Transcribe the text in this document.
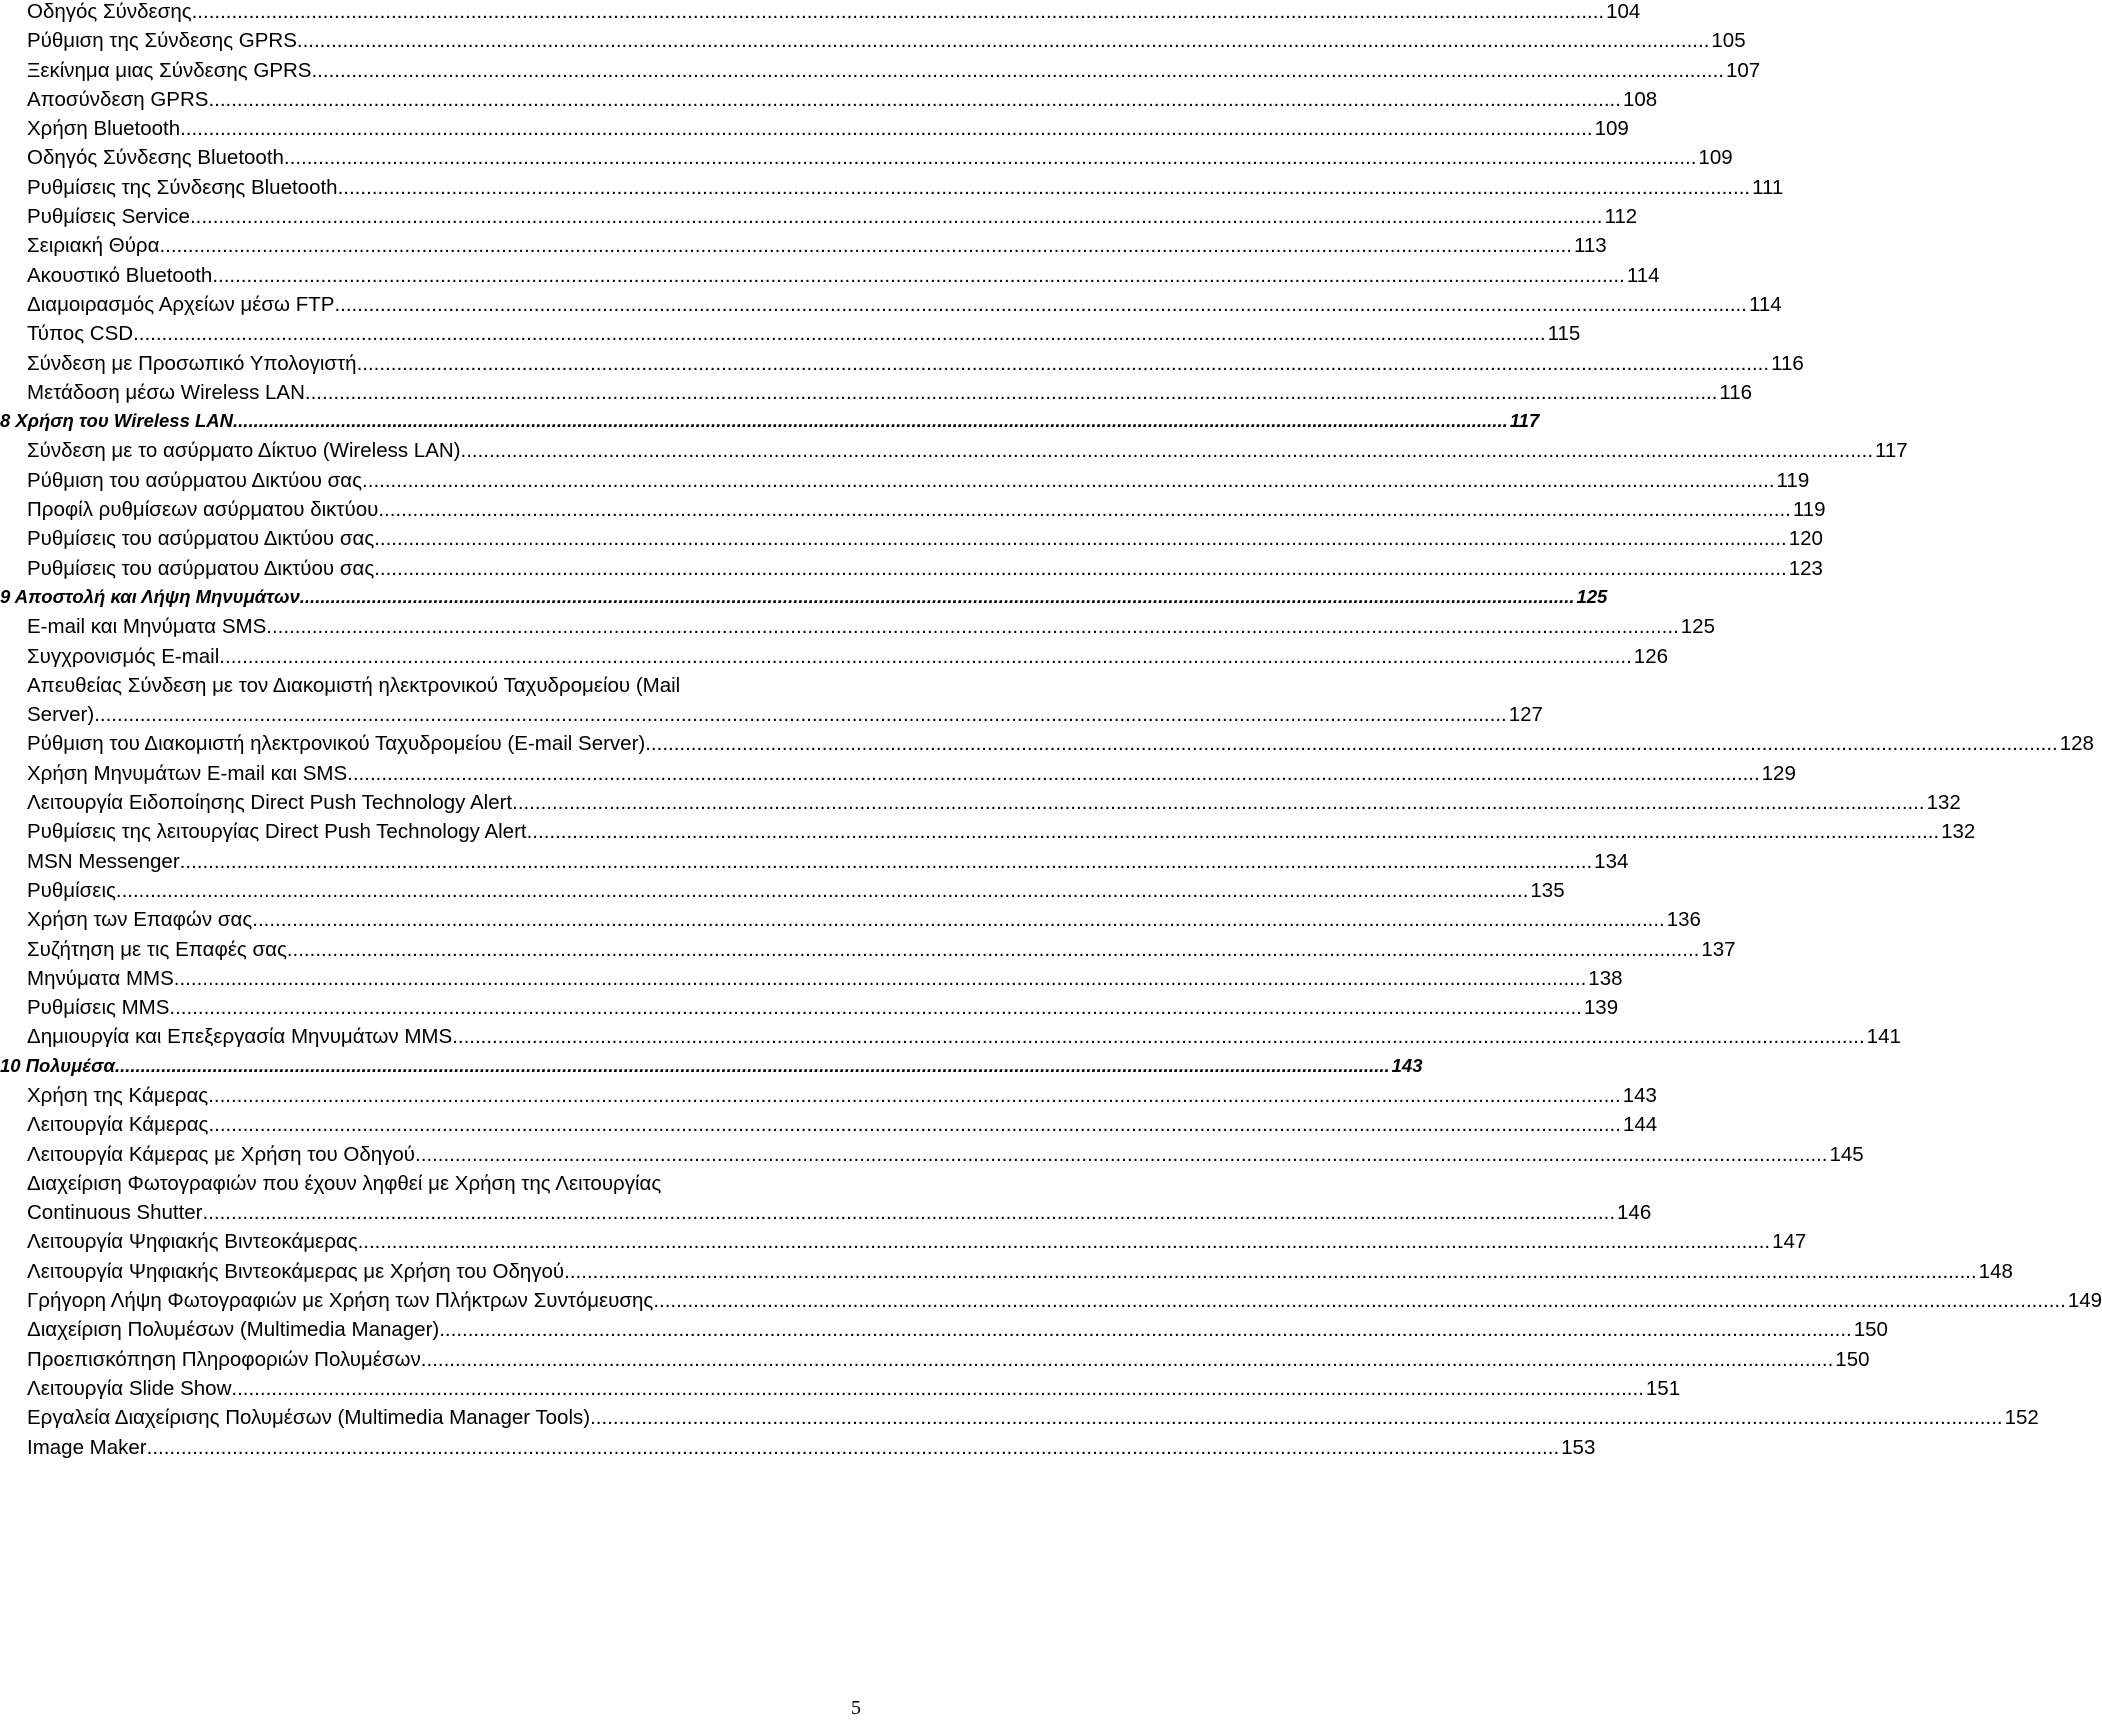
Οδηγός Σύνδεσης .....	104
Ρύθμιση της Σύνδεσης GPRS .....	105
Ξεκίνημα μιας Σύνδεσης GPRS .....	107
Αποσύνδεση GPRS .....	108
Χρήση Bluetooth .....	109
Οδηγός Σύνδεσης Bluetooth .....	109
Ρυθμίσεις της Σύνδεσης Bluetooth .....	111
Ρυθμίσεις Service .....	112
Σειριακή Θύρα .....	113
Ακουστικό Bluetooth .....	114
Διαμοιρασμός Αρχείων μέσω FTP .....	114
Τύπος CSD .....	115
Σύνδεση με Προσωπικό Υπολογιστή .....	116
Μετάδοση μέσω Wireless LAN .....	116
8 Χρήση του Wireless LAN .....	117
Σύνδεση με το ασύρματο Δίκτυο (Wireless LAN) .....	117
Ρύθμιση του ασύρματου Δικτύου σας .....	119
Προφίλ ρυθμίσεων ασύρματου δικτύου .....	119
Ρυθμίσεις του ασύρματου Δικτύου σας .....	120
Ρυθμίσεις του ασύρματου Δικτύου σας .....	123
9 Αποστολή και Λήψη Μηνυμάτων .....	125
E-mail και Μηνύματα SMS .....	125
Συγχρονισμός E-mail .....	126
Απευθείας Σύνδεση με τον Διακομιστή ηλεκτρονικού Ταχυδρομείου (Mail
Server) .....	127
Ρύθμιση του Διακομιστή ηλεκτρονικού Ταχυδρομείου (E-mail Server) .....	128
Χρήση Μηνυμάτων E-mail και SMS .....	129
Λειτουργία Ειδοποίησης Direct Push Technology Alert .....	132
Ρυθμίσεις της λειτουργίας Direct Push Technology Alert .....	132
MSN Messenger .....	134
Ρυθμίσεις .....	135
Χρήση των Επαφών σας .....	136
Συζήτηση με τις Επαφές σας .....	137
Μηνύματα MMS .....	138
Ρυθμίσεις MMS .....	139
Δημιουργία και Επεξεργασία Μηνυμάτων MMS .....	141
10 Πολυμέσα .....	143
Χρήση της Κάμερας .....	143
Λειτουργία Κάμερας .....	144
Λειτουργία Κάμερας με Χρήση του Οδηγού .....	145
Διαχείριση Φωτογραφιών που έχουν ληφθεί με Χρήση της Λειτουργίας
Continuous Shutter .....	146
Λειτουργία Ψηφιακής Βιντεοκάμερας .....	147
Λειτουργία Ψηφιακής Βιντεοκάμερας με Χρήση του Οδηγού .....	148
Γρήγορη Λήψη Φωτογραφιών με Χρήση των Πλήκτρων Συντόμευσης .....	149
Διαχείριση Πολυμέσων (Multimedia Manager) .....	150
Προεπισκόπηση Πληροφοριών Πολυμέσων .....	150
Λειτουργία Slide Show .....	151
Εργαλεία Διαχείρισης Πολυμέσων (Multimedia Manager Tools) .....	152
Image Maker .....	153
5
